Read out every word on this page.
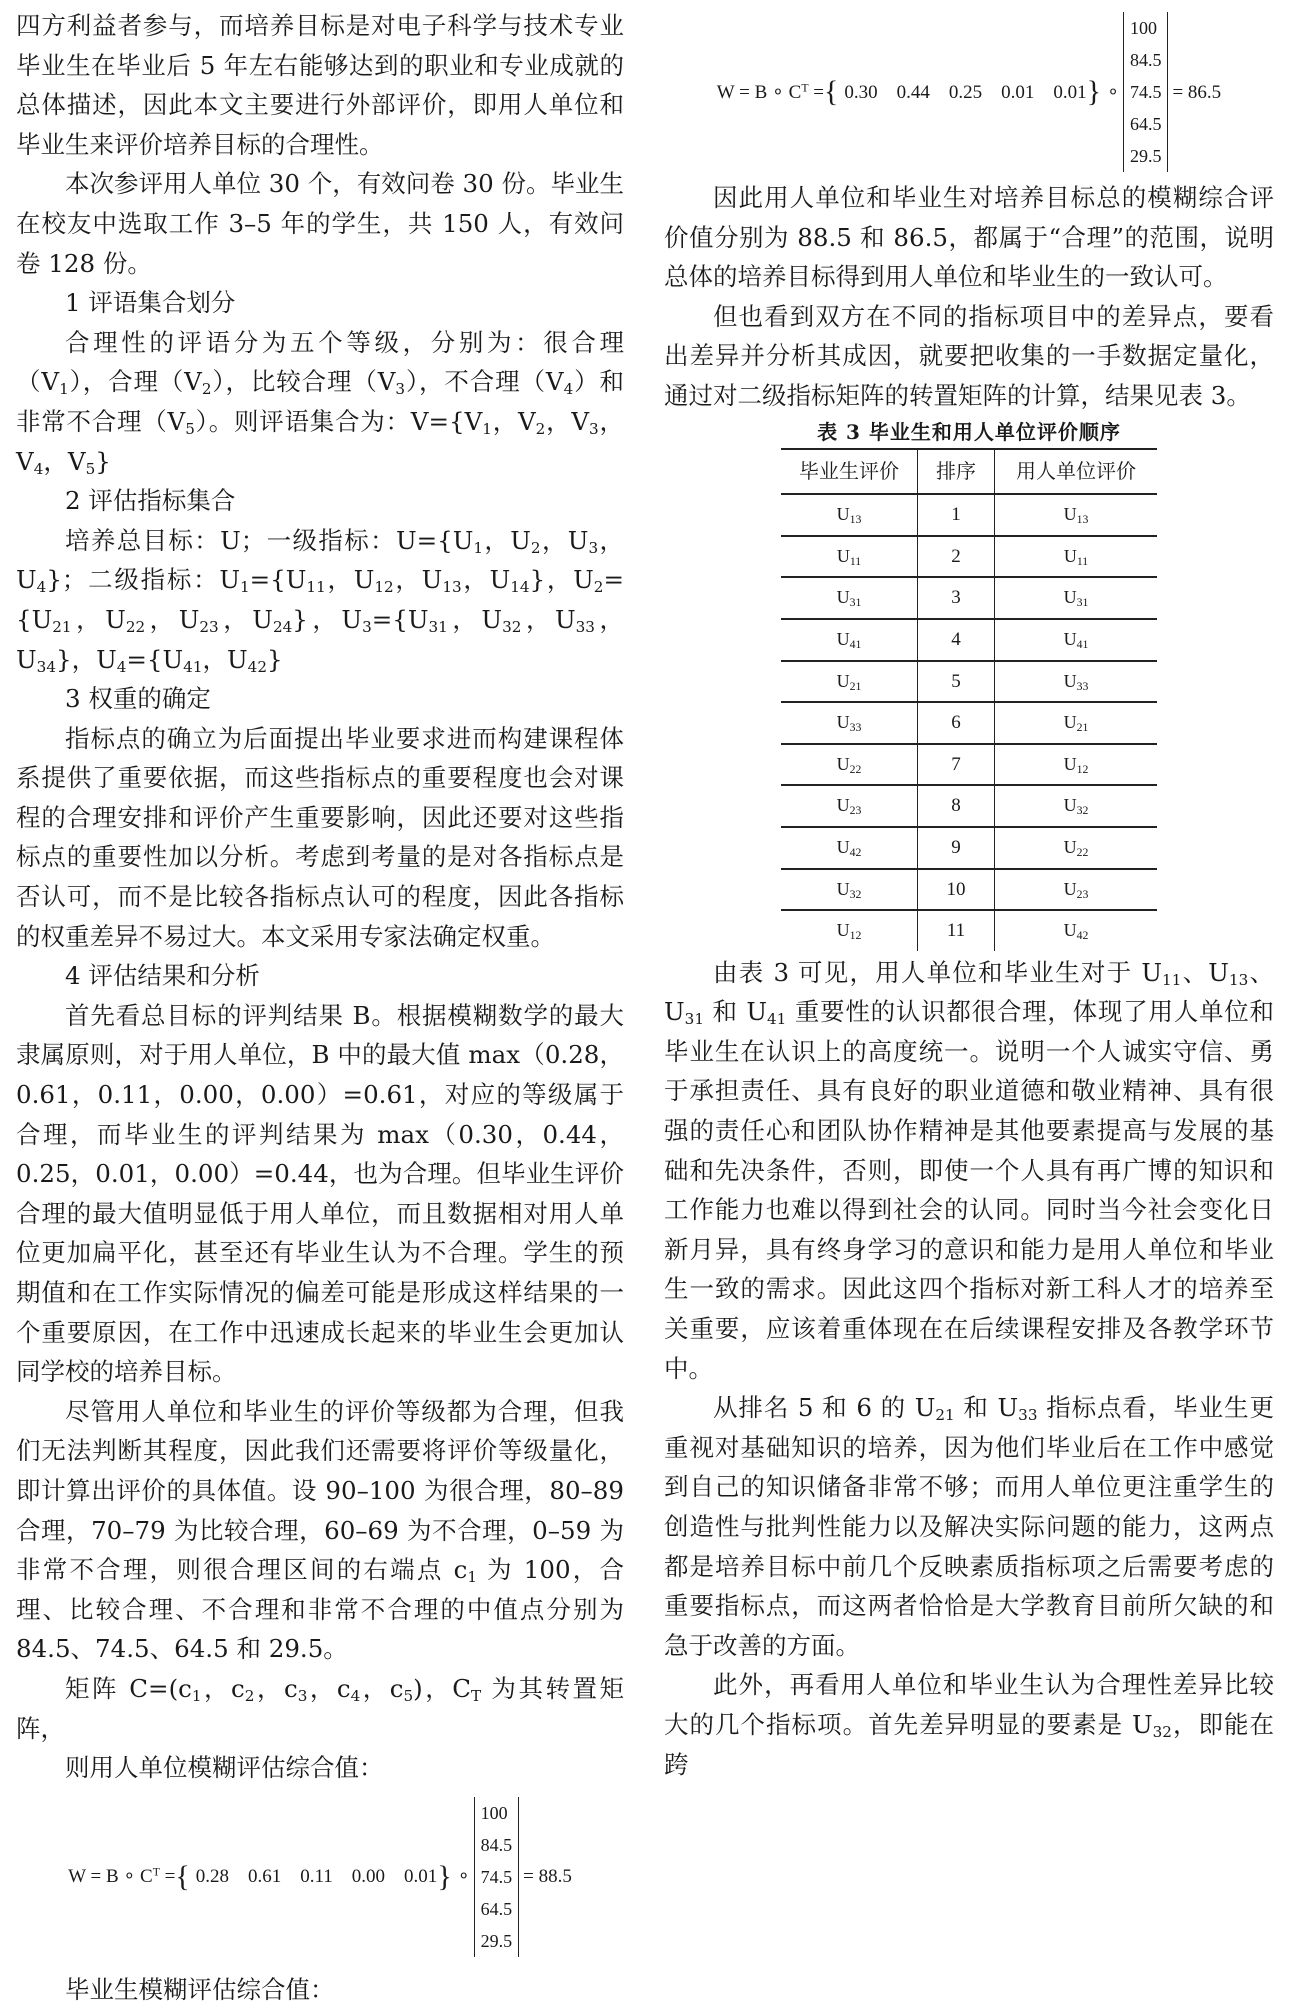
四方利益者参与，而培养目标是对电子科学与技术专业毕业生在毕业后 5 年左右能够达到的职业和专业成就的总体描述，因此本文主要进行外部评价，即用人单位和毕业生来评价培养目标的合理性。

本次参评用人单位 30 个，有效问卷 30 份。毕业生在校友中选取工作 3–5 年的学生，共 150 人，有效问卷 128 份。

1 评语集合划分

合理性的评语分为五个等级，分别为：很合理$(V_1)$，合理$(V_2)$，比较合理$(V_3)$，不合理$(V_4)$和非常不合理$(V_5)$。则评语集合为：$V=\{V_1$，$V_2$，$V_3$，$V_4$，$V_5$}

2 评估指标集合

培养总目标：U；一级指标：$U=\{U_1$，$U_2$，$U_3$，$U_4$}；二级指标：$U_1=\{U_{11}$，$U_{12}$，$U_{13}$，$U_{14}$}，$U_2=\{U_{21}$，$U_{22}$，$U_{23}$，$U_{24}$}，$U_3=\{U_{31}$，$U_{32}$，$U_{33}$，$U_{34}$}，$U_4=\{U_{41}$，$U_{42}$}

3 权重的确定

指标点的确立为后面提出毕业要求进而构建课程体系提供了重要依据，而这些指标点的重要程度也会对课程的合理安排和评价产生重要影响，因此还要对这些指标点的重要性加以分析。考虑到考量的是对各指标点是否认可，而不是比较各指标点认可的程度，因此各指标的权重差异不易过大。本文采用专家法确定权重。

4 评估结果和分析

首先看总目标的评判结果 B。根据模糊数学的最大隶属原则，对于用人单位，B 中的最大值 max（0.28，0.61，0.11，0.00，0.00）=0.61，对应的等级属于合理，而毕业生的评判结果为 max（0.30，0.44，0.25，0.01，0.00）=0.44，也为合理。但毕业生评价合理的最大值明显低于用人单位，而且数据相对用人单位更加扁平化，甚至还有毕业生认为不合理。学生的预期值和在工作实际情况的偏差可能是形成这样结果的一个重要原因，在工作中迅速成长起来的毕业生会更加认同学校的培养目标。

尽管用人单位和毕业生的评价等级都为合理，但我们无法判断其程度，因此我们还需要将评价等级量化，即计算出评价的具体值。设 90–100 为很合理，80–89 合理，70–79 为比较合理，60–69 为不合理，0–59 为非常不合理，则很合理区间的右端点 $c_1$ 为 100，合理、比较合理、不合理和非常不合理的中值点分别为 84.5、74.5、64.5 和 29.5。

矩阵 $C=(c_1$，$c_2$，$c_3$，$c_4$，$c_5$)，$C_T$ 为其转置矩阵，

则用人单位模糊评估综合值：

W = B ∘ $C^T$ = { 0.28    0.61    0.11    0.00    0.01 } ∘
100
84.5
74.5
64.5
29.5
= 88.5

毕业生模糊评估综合值：

W = B ∘ $C^T$ = { 0.30    0.44    0.25    0.01    0.01 } ∘
100
84.5
74.5
64.5
29.5
= 86.5

因此用人单位和毕业生对培养目标总的模糊综合评价值分别为 88.5 和 86.5，都属于“合理”的范围，说明总体的培养目标得到用人单位和毕业生的一致认可。

但也看到双方在不同的指标项目中的差异点，要看出差异并分析其成因，就要把收集的一手数据定量化，通过对二级指标矩阵的转置矩阵的计算，结果见表 3。

表 3 毕业生和用人单位评价顺序
毕业生评价	排序	用人单位评价
$U_{13}$	1	$U_{13}$
$U_{11}$	2	$U_{11}$
$U_{31}$	3	$U_{31}$
$U_{41}$	4	$U_{41}$
$U_{21}$	5	$U_{33}$
$U_{33}$	6	$U_{21}$
$U_{22}$	7	$U_{12}$
$U_{23}$	8	$U_{32}$
$U_{42}$	9	$U_{22}$
$U_{32}$	10	$U_{23}$
$U_{12}$	11	$U_{42}$

由表 3 可见，用人单位和毕业生对于 $U_{11}$、$U_{13}$、$U_{31}$ 和 $U_{41}$ 重要性的认识都很合理，体现了用人单位和毕业生在认识上的高度统一。说明一个人诚实守信、勇于承担责任、具有良好的职业道德和敬业精神、具有很强的责任心和团队协作精神是其他要素提高与发展的基础和先决条件，否则，即使一个人具有再广博的知识和工作能力也难以得到社会的认同。同时当今社会变化日新月异，具有终身学习的意识和能力是用人单位和毕业生一致的需求。因此这四个指标对新工科人才的培养至关重要，应该着重体现在在后续课程安排及各教学环节中。

从排名 5 和 6 的 $U_{21}$ 和 $U_{33}$ 指标点看，毕业生更重视对基础知识的培养，因为他们毕业后在工作中感觉到自己的知识储备非常不够；而用人单位更注重学生的创造性与批判性能力以及解决实际问题的能力，这两点都是培养目标中前几个反映素质指标项之后需要考虑的重要指标点，而这两者恰恰是大学教育目前所欠缺的和急于改善的方面。

此外，再看用人单位和毕业生认为合理性差异比较大的几个指标项。首先差异明显的要素是 $U_{32}$，即能在跨
